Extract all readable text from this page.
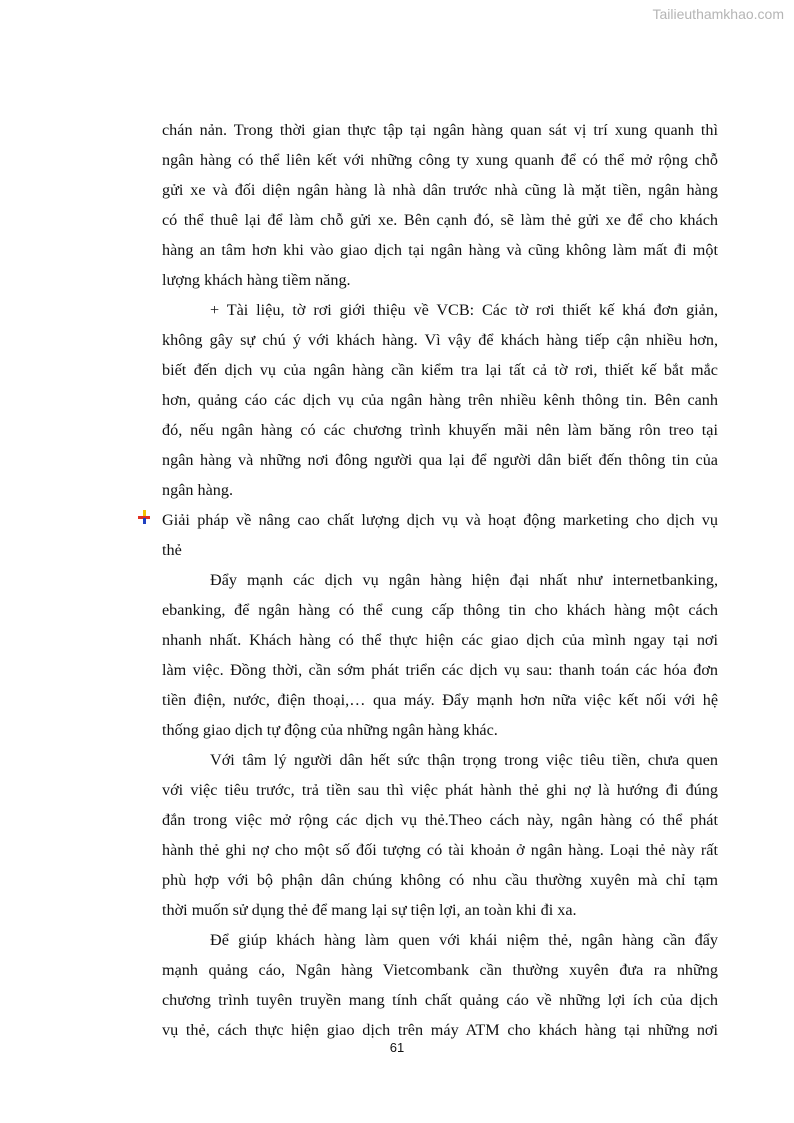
Tailieuthamkhao.com
chán nản. Trong thời gian thực tập tại ngân hàng quan sát vị trí xung quanh thì
ngân hàng có thể liên kết với những công ty xung quanh để có thể mở rộng chỗ
gửi xe và đối diện ngân hàng là nhà dân trước nhà cũng là mặt tiền, ngân hàng
có thể thuê lại để làm chỗ gửi xe. Bên cạnh đó, sẽ làm thẻ gửi xe để cho khách
hàng an tâm hơn khi vào giao dịch tại ngân hàng và cũng không làm mất đi một
lượng khách hàng tiềm năng.
+ Tài liệu, tờ rơi giới thiệu về VCB: Các tờ rơi thiết kế khá đơn giản,
không gây sự chú ý với khách hàng. Vì vậy để khách hàng tiếp cận nhiều hơn,
biết đến dịch vụ của ngân hàng cần kiểm tra lại tất cả tờ rơi, thiết kế bắt mắc
hơn, quảng cáo các dịch vụ của ngân hàng trên nhiều kênh thông tin. Bên canh
đó, nếu ngân hàng có các chương trình khuyến mãi nên làm băng rôn treo tại
ngân hàng và những nơi đông người qua lại để người dân biết đến thông tin của
ngân hàng.
Giải pháp về nâng cao chất lượng dịch vụ và hoạt động marketing cho dịch vụ
thẻ
Đẩy mạnh các dịch vụ ngân hàng hiện đại nhất như internetbanking,
ebanking, để ngân hàng có thể cung cấp thông tin cho khách hàng một cách
nhanh nhất. Khách hàng có thể thực hiện các giao dịch của mình ngay tại nơi
làm việc. Đồng thời, cần sớm phát triển các dịch vụ sau: thanh toán các hóa đơn
tiền điện, nước, điện thoại,… qua máy. Đẩy mạnh hơn nữa việc kết nối với hệ
thống giao dịch tự động của những ngân hàng khác.
Với tâm lý người dân hết sức thận trọng trong việc tiêu tiền, chưa quen
với việc tiêu trước, trả tiền sau thì việc phát hành thẻ ghi nợ là hướng đi đúng
đắn trong việc mở rộng các dịch vụ thẻ.Theo cách này, ngân hàng có thể phát
hành thẻ ghi nợ cho một số đối tượng có tài khoản ở ngân hàng. Loại thẻ này rất
phù hợp với bộ phận dân chúng không có nhu cầu thường xuyên mà chỉ tạm
thời muốn sử dụng thẻ để mang lại sự tiện lợi, an toàn khi đi xa.
Để giúp khách hàng làm quen với khái niệm thẻ, ngân hàng cần đẩy
mạnh quảng cáo, Ngân hàng Vietcombank cần thường xuyên đưa ra những
chương trình tuyên truyền mang tính chất quảng cáo về những lợi ích của dịch
vụ thẻ, cách thực hiện giao dịch trên máy ATM cho khách hàng tại những nơi
61
